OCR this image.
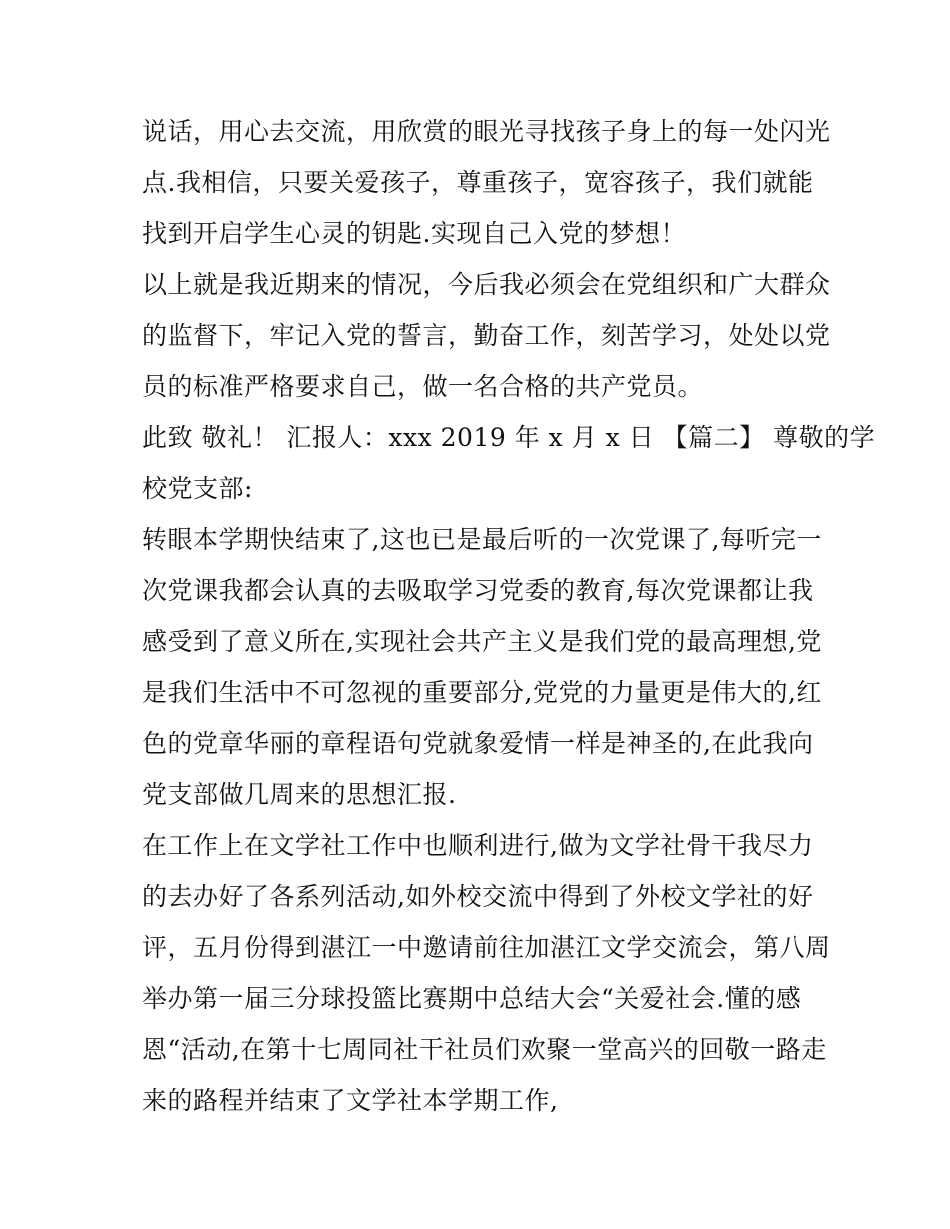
说话，用心去交流，用欣赏的眼光寻找孩子身上的每一处闪光
点.我相信，只要关爱孩子，尊重孩子，宽容孩子，我们就能
找到开启学生心灵的钥匙.实现自己入党的梦想！
以上就是我近期来的情况，今后我必须会在党组织和广大群众
的监督下，牢记入党的誓言，勤奋工作，刻苦学习，处处以党
员的标准严格要求自己，做一名合格的共产党员。
此致 敬礼！ 汇报人：xxx 2019 年 x 月 x 日 【篇二】 尊敬的学
校党支部:
转眼本学期快结束了,这也已是最后听的一次党课了,每听完一
次党课我都会认真的去吸取学习党委的教育,每次党课都让我
感受到了意义所在,实现社会共产主义是我们党的最高理想,党
是我们生活中不可忽视的重要部分,党党的力量更是伟大的,红
色的党章华丽的章程语句党就象爱情一样是神圣的,在此我向
党支部做几周来的思想汇报.
在工作上在文学社工作中也顺利进行,做为文学社骨干我尽力
的去办好了各系列活动,如外校交流中得到了外校文学社的好
评，五月份得到湛江一中邀请前往加湛江文学交流会，第八周
举办第一届三分球投篮比赛期中总结大会“关爱社会.懂的感
恩“活动,在第十七周同社干社员们欢聚一堂高兴的回敬一路走
来的路程并结束了文学社本学期工作,
